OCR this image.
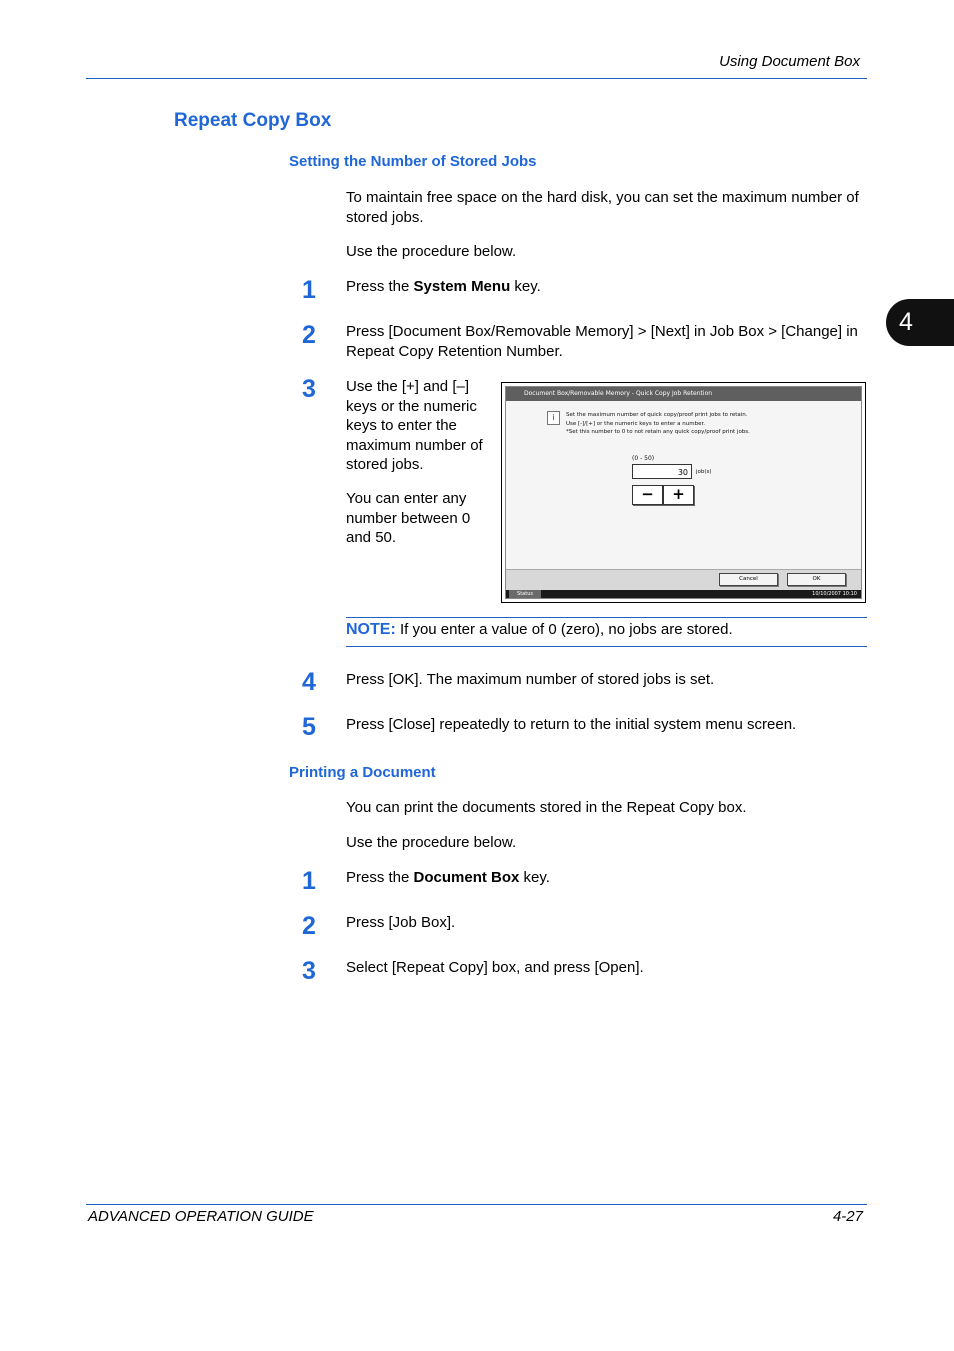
Using Document Box
4
Repeat Copy Box
Setting the Number of Stored Jobs
To maintain free space on the hard disk, you can set the maximum number of stored jobs.
Use the procedure below.
1	Press the System Menu key.
2	Press [Document Box/Removable Memory] > [Next] in Job Box > [Change] in Repeat Copy Retention Number.
3	Use the [+] and [–] keys or the numeric keys to enter the maximum number of stored jobs.
You can enter any number between 0 and 50.
Document Box/Removable Memory - Quick Copy Job Retention
i	Set the maximum number of quick copy/proof print jobs to retain.
Use [-]/[+] or the numeric keys to enter a number.
*Set this number to 0 to not retain any quick copy/proof print jobs.
(0 - 50)
30	job(s)
−	+
Cancel	OK
Status	10/10/2007 10:10
NOTE: If you enter a value of 0 (zero), no jobs are stored.
4	Press [OK]. The maximum number of stored jobs is set.
5	Press [Close] repeatedly to return to the initial system menu screen.
Printing a Document
You can print the documents stored in the Repeat Copy box.
Use the procedure below.
1	Press the Document Box key.
2	Press [Job Box].
3	Select [Repeat Copy] box, and press [Open].
ADVANCED OPERATION GUIDE	4-27
